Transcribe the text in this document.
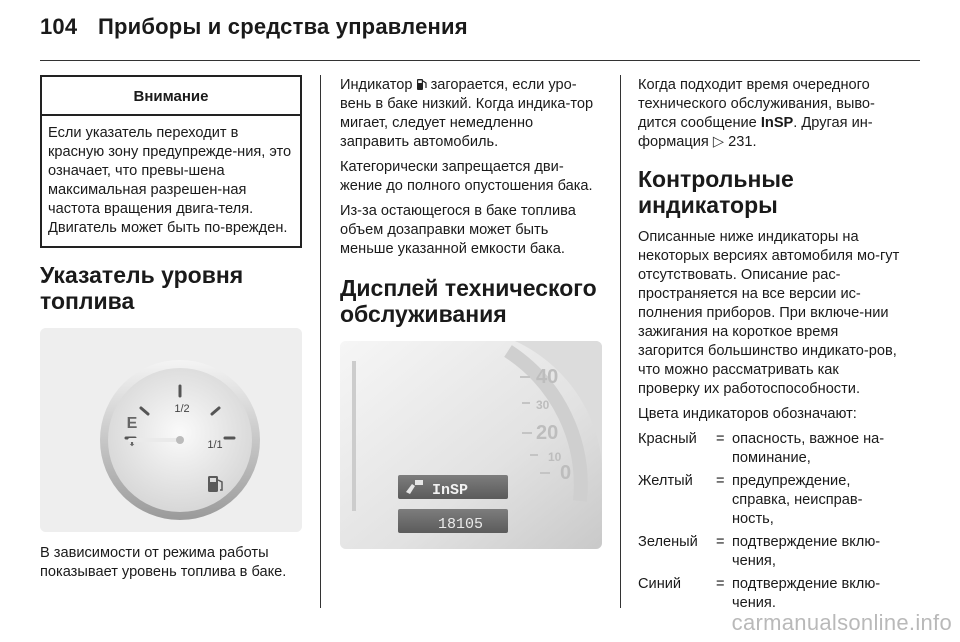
104 Приборы и средства управления
Внимание
Если указатель переходит в красную зону предупрежде-ния, это означает, что превы-шена максимальная разрешен-ная частота вращения двига-теля. Двигатель может быть по-врежден.
Указатель уровня топлива
1/2
1/1
E
⬍

В зависимости от режима работы показывает уровень топлива в баке.

Индикатор загорается, если уро-вень в баке низкий. Когда индика-тор мигает, следует немедленно заправить автомобиль.

Категорически запрещается дви-жение до полного опустошения бака.

Из-за остающегося в баке топлива объем дозаправки может быть меньше указанной емкости бака.

Дисплей технического обслуживания
40
30
20
10
0
InSP
18105

Когда подходит время очередного технического обслуживания, выво-дится сообщение InSP. Другая ин-формация ▷ 231.

Контрольные индикаторы

Описанные ниже индикаторы на некоторых версиях автомобиля мо-гут отсутствовать. Описание рас-пространяется на все версии ис-полнения приборов. При включе-нии зажигания на короткое время загорится большинство индикато-ров, что можно рассматривать как проверку их работоспособности.

Цвета индикаторов обозначают:

Красный	=	опасность, важное на-поминание,
Желтый	=	предупреждение, справка, неисправ-ность,
Зеленый	=	подтверждение вклю-чения,
Синий	=	подтверждение вклю-чения.
carmanualsonline.info
